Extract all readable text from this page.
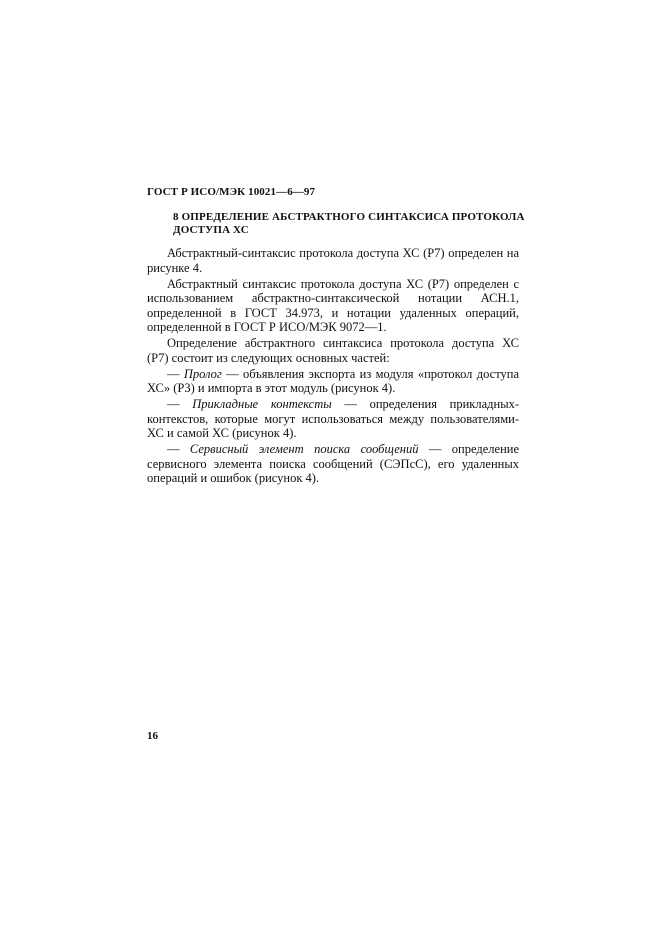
ГОСТ Р ИСО/МЭК 10021—6—97
8 ОПРЕДЕЛЕНИЕ АБСТРАКТНОГО СИНТАКСИСА ПРОТОКОЛА ДОСТУПА ХС

Абстрактный-синтаксис протокола доступа ХС (Р7) определен на рисунке 4.

Абстрактный синтаксис протокола доступа ХС (Р7) определен с использованием абстрактно-синтаксической нотации АСН.1, определенной в ГОСТ 34.973, и нотации удаленных операций, определенной в ГОСТ Р ИСО/МЭК 9072—1.

Определение абстрактного синтаксиса протокола доступа ХС (Р7) состоит из следующих основных частей:

— Пролог — объявления экспорта из модуля «протокол доступа ХС» (Р3) и импорта в этот модуль (рисунок 4).

— Прикладные контексты — определения прикладных-контекстов, которые могут использоваться между пользователями-ХС и самой ХС (рисунок 4).

— Сервисный элемент поиска сообщений — определение сервисного элемента поиска сообщений (СЭПсС), его удаленных операций и ошибок (рисунок 4).

16
